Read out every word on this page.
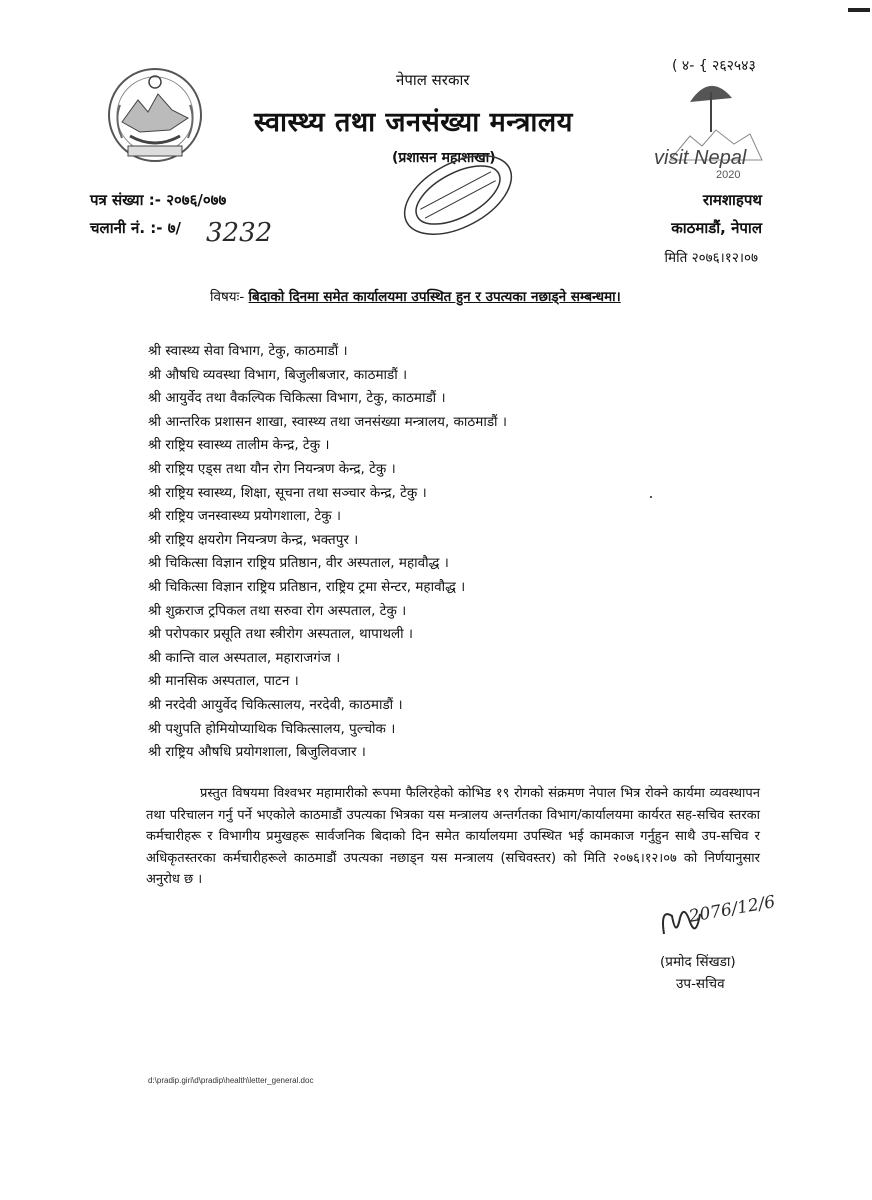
नेपाल सरकार
स्वास्थ्य तथा जनसंख्या मन्त्रालय
(प्रशासन महाशाखा)
( ४- { २६२५४३
visit Nepal
2020
पत्र संख्या :- २०७६/०७७
चलानी नं. :- ७/ 3232
रामशाहपथ
काठमाडौं, नेपाल
मिति २०७६।१२।०७
विषयः- बिदाको दिनमा समेत कार्यालयमा उपस्थित हुन र उपत्यका नछाड्ने सम्बन्धमा।
श्री स्वास्थ्य सेवा विभाग, टेकु, काठमाडौं ।
श्री औषधि व्यवस्था विभाग, बिजुलीबजार, काठमाडौं ।
श्री आयुर्वेद तथा वैकल्पिक चिकित्सा विभाग, टेकु, काठमाडौं ।
श्री आन्तरिक प्रशासन शाखा, स्वास्थ्य तथा जनसंख्या मन्त्रालय, काठमाडौं ।
श्री राष्ट्रिय स्वास्थ्य तालीम केन्द्र, टेकु ।
श्री राष्ट्रिय एड्स तथा यौन रोग नियन्त्रण केन्द्र, टेकु ।
श्री राष्ट्रिय स्वास्थ्य, शिक्षा, सूचना तथा सञ्चार केन्द्र, टेकु ।
श्री राष्ट्रिय जनस्वास्थ्य प्रयोगशाला, टेकु ।
श्री राष्ट्रिय क्षयरोग नियन्त्रण केन्द्र, भक्तपुर ।
श्री चिकित्सा विज्ञान राष्ट्रिय प्रतिष्ठान, वीर अस्पताल, महावौद्ध ।
श्री चिकित्सा विज्ञान राष्ट्रिय प्रतिष्ठान, राष्ट्रिय ट्रमा सेन्टर, महावौद्ध ।
श्री शुक्रराज ट्रपिकल तथा सरुवा रोग अस्पताल, टेकु ।
श्री परोपकार प्रसूति तथा स्त्रीरोग अस्पताल, थापाथली ।
श्री कान्ति वाल अस्पताल, महाराजगंज ।
श्री मानसिक अस्पताल, पाटन ।
श्री नरदेवी आयुर्वेद चिकित्सालय, नरदेवी, काठमाडौं ।
श्री पशुपति होमियोप्याथिक चिकित्सालय, पुल्चोक ।
श्री राष्ट्रिय औषधि प्रयोगशाला, बिजुलिवजार ।
प्रस्तुत विषयमा विश्वभर महामारीको रूपमा फैलिरहेको कोभिड १९ रोगको संक्रमण नेपाल भित्र रोक्ने कार्यमा व्यवस्थापन तथा परिचालन गर्नु पर्ने भएकोले काठमाडौं उपत्यका भित्रका यस मन्त्रालय अन्तर्गतका विभाग/कार्यालयमा कार्यरत सह-सचिव स्तरका कर्मचारीहरू र विभागीय प्रमुखहरू सार्वजनिक बिदाको दिन समेत कार्यालयमा उपस्थित भई कामकाज गर्नुहुन साथै उप-सचिव र अधिकृतस्तरका कर्मचारीहरूले काठमाडौं उपत्यका नछाड्न यस मन्त्रालय (सचिवस्तर) को मिति २०७६।१२।०७ को निर्णयानुसार अनुरोध छ ।
2076/12/6
(प्रमोद सिंखडा)
उप-सचिव
d:\pradip.giri\d\pradip\health\letter_general.doc
